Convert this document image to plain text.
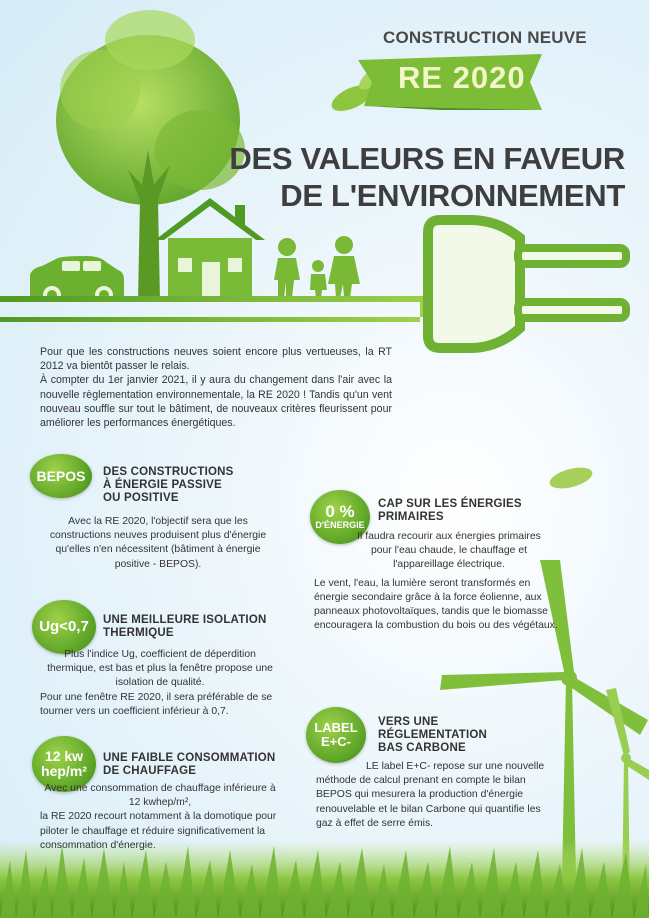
CONSTRUCTION NEUVE
RE 2020
DES VALEURS EN FAVEUR
DE L'ENVIRONNEMENT

Pour que les constructions neuves soient encore plus vertueuses, la RT 2012 va bientôt passer le relais.

À compter du 1er janvier 2021, il y aura du changement dans l'air avec la nouvelle règlementation environnementale, la RE 2020 ! Tandis qu'un vent nouveau souffle sur tout le bâtiment, de nouveaux critères fleurissent pour améliorer les performances énergétiques.

BEPOS	DES CONSTRUCTIONS
À ÉNERGIE PASSIVE
OU POSITIVE
Avec la RE 2020, l'objectif sera que les constructions neuves produisent plus d'énergie qu'elles n'en nécessitent (bâtiment à énergie positive - BEPOS).
Ug<0,7	UNE MEILLEURE ISOLATION
THERMIQUE

Plus l'indice Ug, coefficient de déperdition thermique, est bas et plus la fenêtre propose une isolation de qualité.

Pour une fenêtre RE 2020, il sera préférable de se tourner vers un coefficient inférieur à 0,7.

12 kw
hep/m²
UNE FAIBLE CONSOMMATION
DE CHAUFFAGE

Avec une consommation de chauffage inférieure à 12 kwhep/m²,

la RE 2020 recourt notamment à la domotique pour piloter le chauffage et réduire significativement la consommation d'énergie.

0 %
D'ÉNERGIE
CAP SUR LES ÉNERGIES
PRIMAIRES

Il faudra recourir aux énergies primaires pour l'eau chaude, le chauffage et l'appareillage électrique.

Le vent, l'eau, la lumière seront transformés en énergie secondaire grâce à la force éolienne, aux panneaux photovoltaïques, tandis que le biomasse encouragera la combustion du bois ou des végétaux.

LABEL
E+C-
VERS UNE
RÉGLEMENTATION
BAS CARBONE
LE label E+C- repose sur une nouvelle méthode de calcul prenant en compte le bilan BEPOS qui mesurera la production d'énergie renouvelable et le bilan Carbone qui quantifie les gaz à effet de serre émis.
